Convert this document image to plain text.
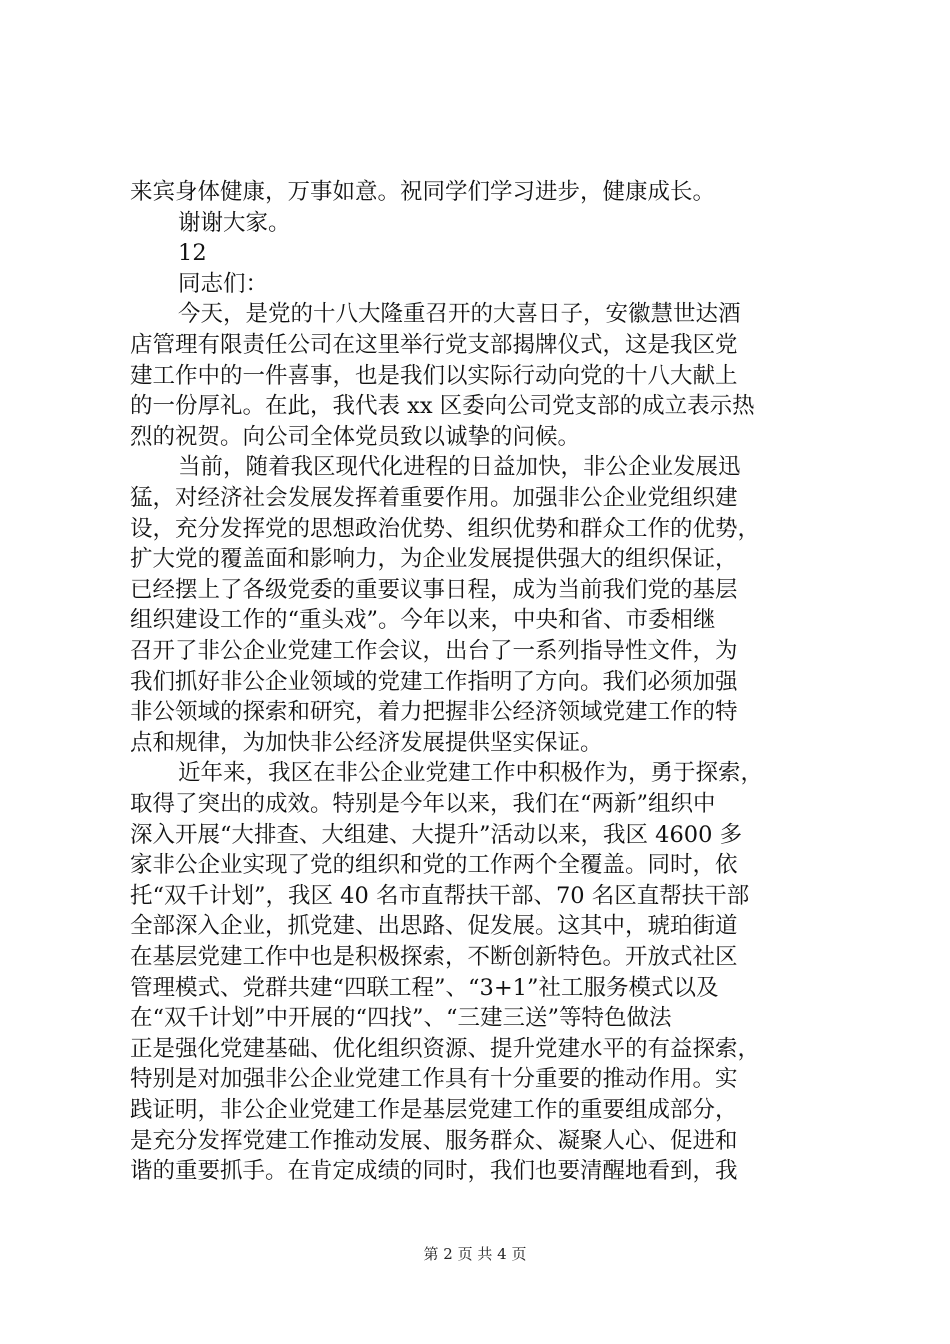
来宾身体健康，万事如意。祝同学们学习进步，健康成长。
谢谢大家。
12
同志们：
今天，是党的十八大隆重召开的大喜日子，安徽慧世达酒
店管理有限责任公司在这里举行党支部揭牌仪式，这是我区党
建工作中的一件喜事，也是我们以实际行动向党的十八大献上
的一份厚礼。在此，我代表 xx 区委向公司党支部的成立表示热
烈的祝贺。向公司全体党员致以诚挚的问候。
当前，随着我区现代化进程的日益加快，非公企业发展迅
猛，对经济社会发展发挥着重要作用。加强非公企业党组织建
设，充分发挥党的思想政治优势、组织优势和群众工作的优势，
扩大党的覆盖面和影响力，为企业发展提供强大的组织保证，
已经摆上了各级党委的重要议事日程，成为当前我们党的基层
组织建设工作的“重头戏”。今年以来，中央和省、市委相继
召开了非公企业党建工作会议，出台了一系列指导性文件，为
我们抓好非公企业领域的党建工作指明了方向。我们必须加强
非公领域的探索和研究，着力把握非公经济领域党建工作的特
点和规律，为加快非公经济发展提供坚实保证。
近年来，我区在非公企业党建工作中积极作为，勇于探索，
取得了突出的成效。特别是今年以来，我们在“两新”组织中
深入开展“大排查、大组建、大提升”活动以来，我区 4600 多
家非公企业实现了党的组织和党的工作两个全覆盖。同时，依
托“双千计划”，我区 40 名市直帮扶干部、70 名区直帮扶干部
全部深入企业，抓党建、出思路、促发展。这其中，琥珀街道
在基层党建工作中也是积极探索，不断创新特色。开放式社区
管理模式、党群共建“四联工程”、“3+1”社工服务模式以及
在“双千计划”中开展的“四找”、“三建三送”等特色做法
正是强化党建基础、优化组织资源、提升党建水平的有益探索，
特别是对加强非公企业党建工作具有十分重要的推动作用。实
践证明，非公企业党建工作是基层党建工作的重要组成部分，
第 2 页 共 4 页
是充分发挥党建工作推动发展、服务群众、凝聚人心、促进和
谐的重要抓手。在肯定成绩的同时，我们也要清醒地看到，我
